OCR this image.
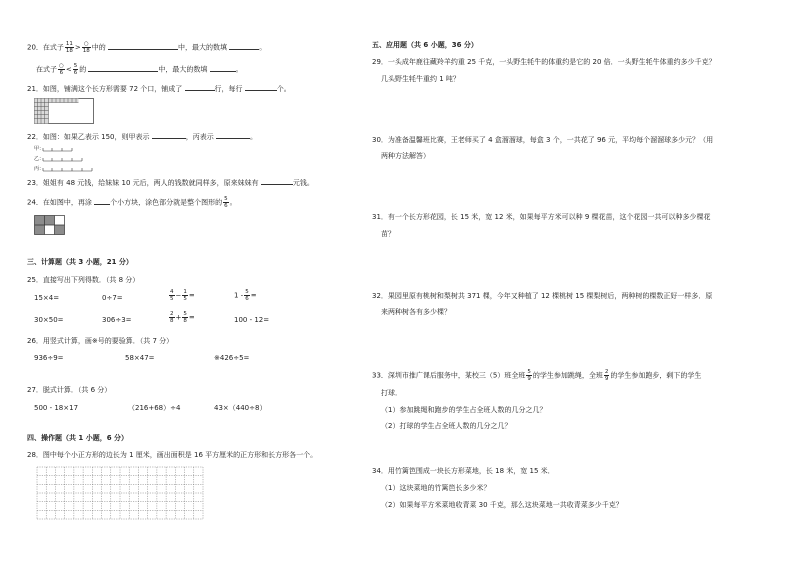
20．在式子 $\frac{11}{18} > \frac{○}{18}$ 中的	中，最大的数填	。
在式子 $\frac{○}{6} < \frac{5}{6}$ 的	中，最大的数填	。
21．如图，铺满这个长方形需要 72 个口，铺成了	行，每行	个。
22．如图：如果乙表示 150，则甲表示	，丙表示	。
甲：
乙：
丙：
23．姐姐有 48 元钱，给妹妹 10 元后，两人的钱数就同样多，原来妹妹有	元钱。
24．在如图中，再涂	个小方块，涂色部分就是整个图形的 $\frac{5}{6}$ 。
三、计算题（共 3 小题，21 分）
25．直接写出下列得数．（共 8 分）
15×4=	0÷7=	$\frac{4}{5} - \frac{1}{5}$ =	$1 - \frac{5}{6}$ =
30×50=	306÷3=	$\frac{2}{8} + \frac{5}{8}$ =	100 - 12=
26．用竖式计算，画※号的要验算．（共 7 分）
936÷9=	58×47=	※426÷5=
27．脱式计算．（共 6 分）
500 - 18×17	（216+68）÷4	43×（440÷8）
四、操作题（共 1 小题，6 分）
28．图中每个小正方形的边长为 1 厘米，画出面积是 16 平方厘米的正方形和长方形各一个。
五、应用题（共 6 小题，36 分）
29．一头成年鹿往藏羚羊约重 25 千克，一头野生牦牛的体重约是它的 20 倍．一头野生牦牛体重约多少千克？
几头野生牦牛重约 1 吨？
30．为准备温馨班比赛，王老师买了 4 盒溜溜球，每盒 3 个，一共花了 96 元，平均每个溜溜球多少元？（用
两种方法解答）
31．有一个长方形花园，长 15 米，宽 12 米，如果每平方米可以种 9 棵花苗，这个花园一共可以种多少棵花
苗？
32．果园里原有桃树和梨树共 371 棵，今年又种植了 12 棵桃树 15 棵梨树后，两种树的棵数正好一样多．原
来两种树各有多少棵？
33．深圳市推广课后服务中，某校三（5）班全班 $\frac{5}{9}$ 的学生参加跳绳，全班 $\frac{2}{9}$ 的学生参加跑步，剩下的学生
打球．
（1）参加跳绳和跑步的学生占全班人数的几分之几？
（2）打球的学生占全班人数的几分之几？
34．用竹篱笆围成一块长方形菜地，长 18 米，宽 15 米．
（1）这块菜地的竹篱笆长多少米？
（2）如果每平方米菜地收青菜 30 千克，那么这块菜地一共收青菜多少千克？
